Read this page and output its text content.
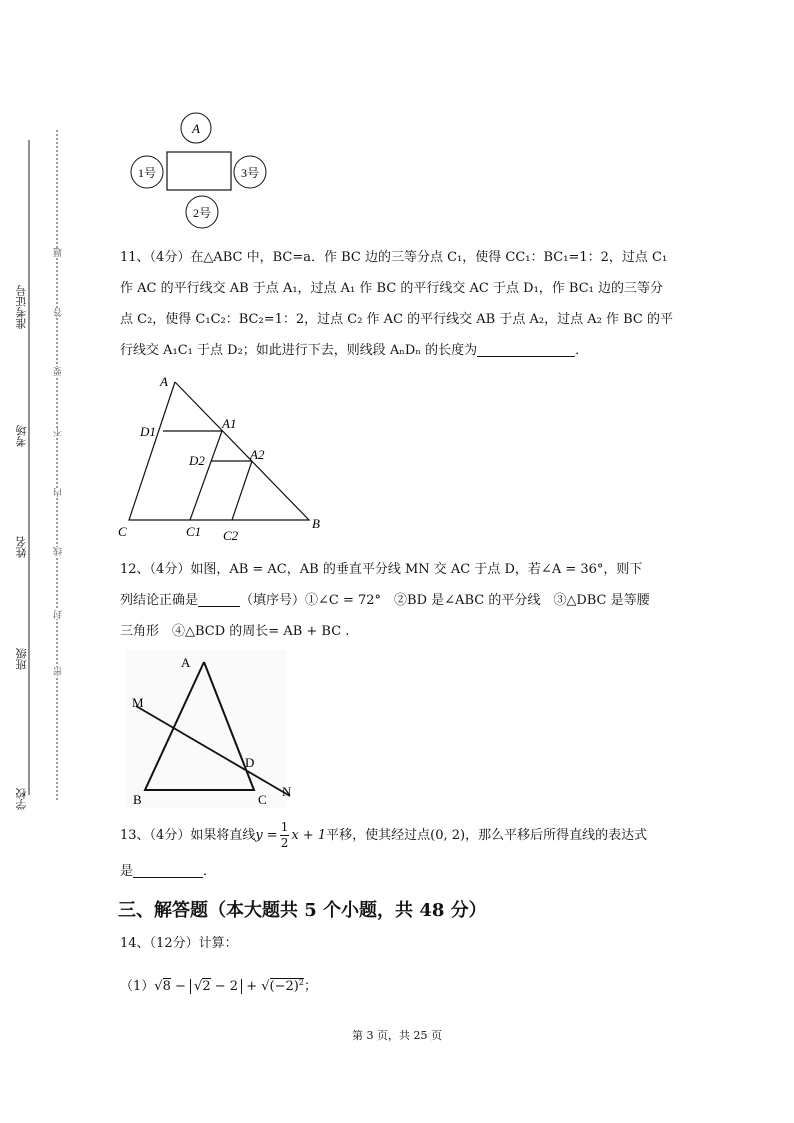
学校
班级
姓名
考场
准考证号
密
封
线
内
不
要
答
题
A
1号	3号
2号
11、（4分）在△ABC 中，BC=a．作 BC 边的三等分点 C₁，使得 CC₁：BC₁=1：2，过点 C₁
作 AC 的平行线交 AB 于点 A₁，过点 A₁ 作 BC 的平行线交 AC 于点 D₁，作 BC₁ 边的三等分
点 C₂，使得 C₁C₂：BC₂=1：2，过点 C₂ 作 AC 的平行线交 AB 于点 A₂，过点 A₂ 作 BC 的平
行线交 A₁C₁ 于点 D₂；如此进行下去，则线段 AₙDₙ 的长度为	．
A
D1
A1
D2	A2
C	C1 C2
B
12、（4分）如图，AB = AC，AB 的垂直平分线 MN 交 AC 于点 D，若∠A = 36°，则下
列结论正确是	（填序号）①∠C = 72°　②BD 是∠ABC 的平分线　③△DBC 是等腰
三角形　④△BCD 的周长= AB + BC .
A
M
D
B	C
N
13、（4分）如果将直线$y = \frac{1}{2}$ x + 1平移，使其经过点(0, 2)，那么平移后所得直线的表达式
是	．
三、解答题（本大题共 5 个小题，共 48 分）
14、（12分）计算：
$(1)√8 - √2 - 2 + √(-2)^2$；
第 3 页，共 25 页
